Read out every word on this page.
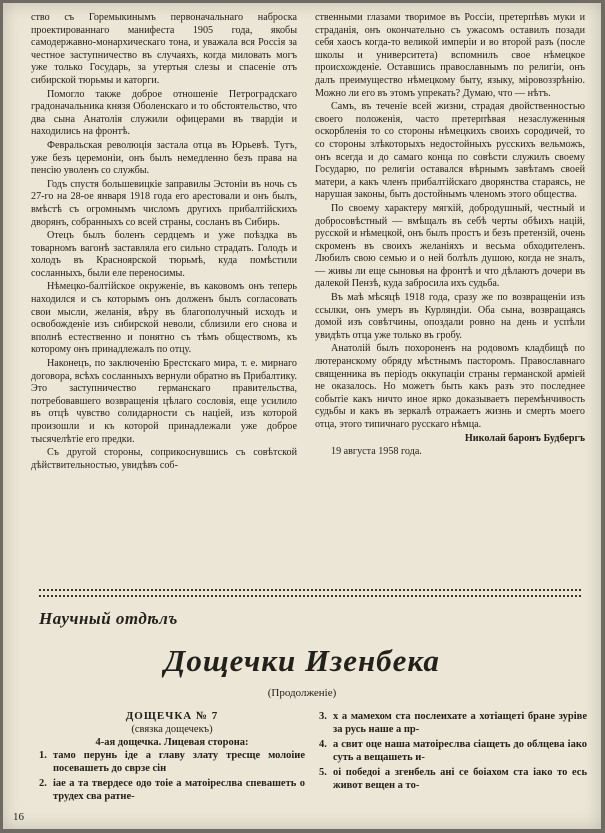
ство съ Горемыкинымъ первоначальнаго наброска проектированнаго манифеста 1905 года, якобы самодержавно-монархическаго тона, и уважала вся Россія за честное заступничество въ случаяхъ, когда миловать могъ уже только Государь, за утертыя слезы и спасеніе отъ сибирской тюрьмы и каторги.

Помогло также доброе отношеніе Петроградскаго градоначальника князя Оболенскаго и то обстоятельство, что два сына Анатолія служили офицерами въ твардіи и находились на фронтѣ.

Февральская революція застала отца въ Юрьевѣ. Тутъ, уже безъ церемоніи, онъ былъ немедленно безъ права на пенсію уволенъ со службы.

Годъ спустя большевицкіе заправилы Эстоніи въ ночь съ 27-го на 28-ое января 1918 года его арестовали и онъ былъ, вмѣстѣ съ огромнымъ числомъ другихъ прибалтійскихъ дворянъ, собранныхъ со всей страны, сосланъ въ Сибирь.

Отецъ былъ боленъ сердцемъ и уже поѣздка въ товарномъ вагонѣ заставляла его сильно страдать. Голодъ и холодъ въ Красноярской тюрьмѣ, куда помѣстили сосланныхъ, были еле переносимы.

Нѣмецко-балтійское окруженіе, въ каковомъ онъ теперь находился и съ которымъ онъ долженъ былъ согласовать свои мысли, желанія, вѣру въ благополучный исходъ и освобожденіе изъ сибирской неволи, сблизили его снова и вполнѣ естественно и понятно съ тѣмъ обществомъ, къ которому онъ принадлежалъ по отцу.

Наконецъ, по заключенію Брестскаго мира, т. е. мирнаго договора, всѣхъ сосланныхъ вернули обратно въ Прибалтику. Это заступничество германскаго правительства, потребовавшего возвращенія цѣлаго сословія, еще усилило въ отцѣ чувство солидарности съ націей, изъ которой произошли и къ которой принадлежали уже доброе тысячелѣтіе его предки.

Съ другой стороны, соприкоснувшись съ совѣтской дѣйствительностью, увидѣвъ соб-

ственными глазами творимое въ Россіи, претерпѣвъ муки и страданія, онъ окончательно съ ужасомъ оставилъ позади себя хаосъ когда-то великой имперіи и во второй разъ (после школы и университета) вспомнилъ свое нѣмецкое происхожденіе. Оставшись православнымъ по религіи, онъ далъ преимущество нѣмецкому быту, языку, міровоззрѣнію. Можно ли его въ этомъ упрекать? Думаю, что — нѣтъ.

Самъ, въ теченіе всей жизни, страдая двойственностью своего положенія, часто претерпѣвая незаслуженныя оскорбленія то со стороны нѣмецкихъ своихъ сородичей, то со стороны злѣкоторыхъ недостойныхъ русскихъ вельможъ, онъ всегда и до самаго конца по совѣсти служилъ своему Государю, по религіи оставался вѣрнымъ завѣтамъ своей матери, а какъ членъ прибалтійскаго дворянства стараясь, не нарушая законы, быть достойнымъ членомъ этого общества.

По своему характеру мягкій, добродушный, честный и добросовѣстный — вмѣщалъ въ себѣ черты обѣихъ націй, русской и нѣмецкой, онъ былъ простъ и безъ претензій, очень скроменъ въ своихъ желаніяхъ и весьма обходителенъ. Любилъ свою семью и о ней болѣлъ душою, когда не зналъ, — живы ли еще сыновья на фронтѣ и что дѣлаютъ дочери въ далекой Пензѣ, куда забросила ихъ судьба.

Въ маѣ мѣсяцѣ 1918 года, сразу же по возвращеніи изъ ссылки, онъ умеръ въ Курляндіи. Оба сына, возвращаясь домой изъ совѣтчины, опоздали ровно на день и успѣли увидѣть отца уже только въ гробу.

Анатолій былъ похороненъ на родовомъ кладбищѣ по лютеранскому обряду мѣстнымъ пасторомъ. Православнаго священника въ періодъ оккупаціи страны германской арміей не оказалось. Но можетъ быть какъ разъ это последнее событіе какъ ничто иное ярко доказываетъ перемѣнчивость судьбы и какъ въ зеркалѣ отражаетъ жизнь и смерть моего отца, этого типичнаго русскаго нѣмца.

Николай баронъ Будбергъ

19 августа 1958 года.

Научный отдѣлъ
Дощечки Изенбека
(Продолженіе)
ДОЩЕЧКА № 7
(связка дощечекъ)
4-ая дощечка. Лицевая сторона:
1. тамо перунь іде а главу злату тресще молоіие посевашеть до сврзе сін
2. іае а та твердесе одо тоіе а матоіреслва спевашеть о трудех сва ратне-
3. х а мамехом ста послеихате а хотіащеті бране зуріве за русь наше а пр-
4. а свит оце наша матоіреслва сіащеть до облцева іако суть а вещашеть и-
5. оі победоі а згенбель ані се боіахом ста іако то есь живот вещен а то-
16
